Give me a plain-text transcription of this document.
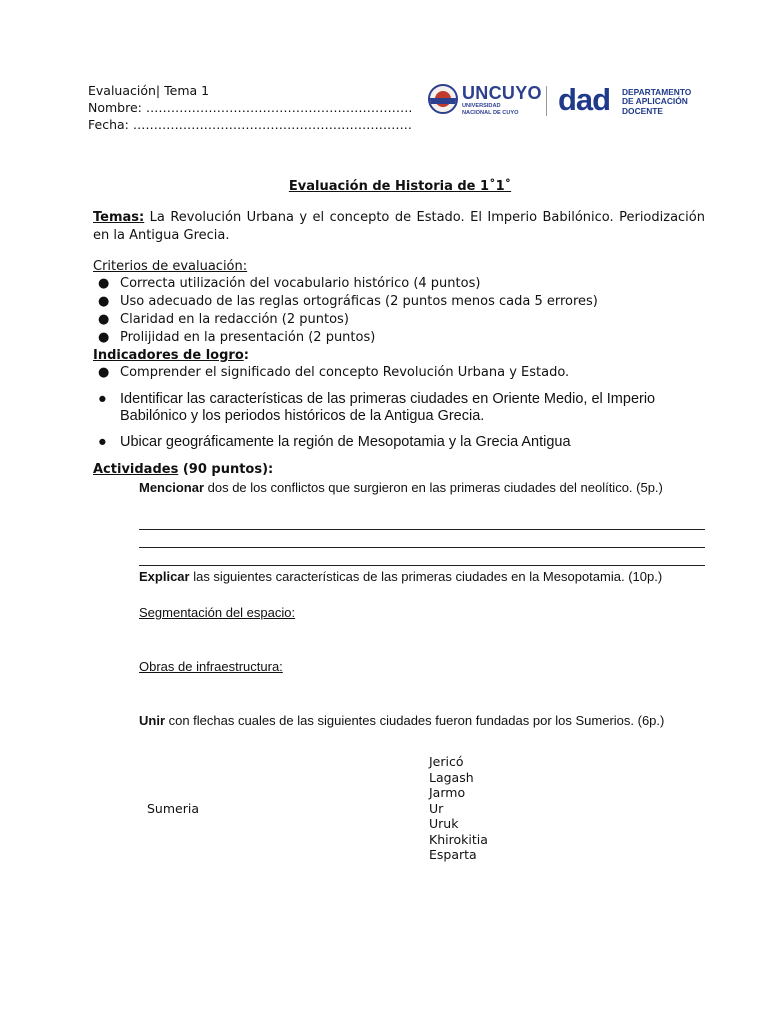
Evaluación| Tema 1
Nombre: ……………………………………………………….
Fecha: ………………………………………………………….
UNCUYO
UNIVERSIDAD
NACIONAL DE CUYO dad DEPARTAMENTO
DE APLICACIÓN
DOCENTE
Evaluación de Historia de 1˚1˚
Temas: La Revolución Urbana y el concepto de Estado. El Imperio Babilónico. Periodización en la Antigua Grecia.
Criterios de evaluación:
● Correcta utilización del vocabulario histórico (4 puntos)
● Uso adecuado de las reglas ortográficas (2 puntos menos cada 5 errores)
● Claridad en la redacción (2 puntos)
● Prolijidad en la presentación (2 puntos)
Indicadores de logro:
● Comprender el significado del concepto Revolución Urbana y Estado.
● Identificar las características de las primeras ciudades en Oriente Medio, el Imperio Babilónico y los periodos históricos de la Antigua Grecia.
● Ubicar geográficamente la región de Mesopotamia y la Grecia Antigua
Actividades (90 puntos):
Mencionar dos de los conflictos que surgieron en las primeras ciudades del neolítico. (5p.)
Explicar las siguientes características de las primeras ciudades en la Mesopotamia. (10p.)
Segmentación del espacio:
Obras de infraestructura:
Unir con flechas cuales de las siguientes ciudades fueron fundadas por los Sumerios. (6p.)
Sumeria
Jericó
Lagash
Jarmo
Ur
Uruk
Khirokitia
Esparta
